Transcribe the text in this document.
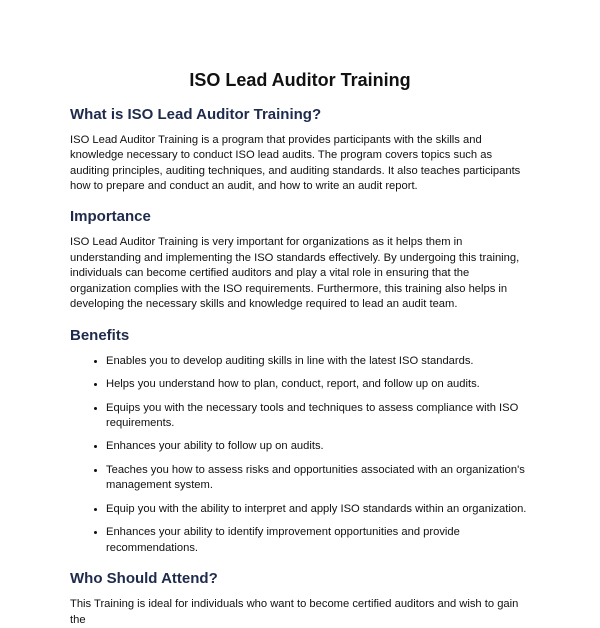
ISO Lead Auditor Training
What is ISO Lead Auditor Training?

ISO Lead Auditor Training is a program that provides participants with the skills and knowledge necessary to conduct ISO lead audits. The program covers topics such as auditing principles, auditing techniques, and auditing standards. It also teaches participants how to prepare and conduct an audit, and how to write an audit report.

Importance

ISO Lead Auditor Training is very important for organizations as it helps them in understanding and implementing the ISO standards effectively. By undergoing this training, individuals can become certified auditors and play a vital role in ensuring that the organization complies with the ISO requirements. Furthermore, this training also helps in developing the necessary skills and knowledge required to lead an audit team.

Benefits
• Enables you to develop auditing skills in line with the latest ISO standards.
• Helps you understand how to plan, conduct, report, and follow up on audits.
• Equips you with the necessary tools and techniques to assess compliance with ISO requirements.
• Enhances your ability to follow up on audits.
• Teaches you how to assess risks and opportunities associated with an organization's management system.
• Equip you with the ability to interpret and apply ISO standards within an organization.
• Enhances your ability to identify improvement opportunities and provide recommendations.
Who Should Attend?

This Training is ideal for individuals who want to become certified auditors and wish to gain the
